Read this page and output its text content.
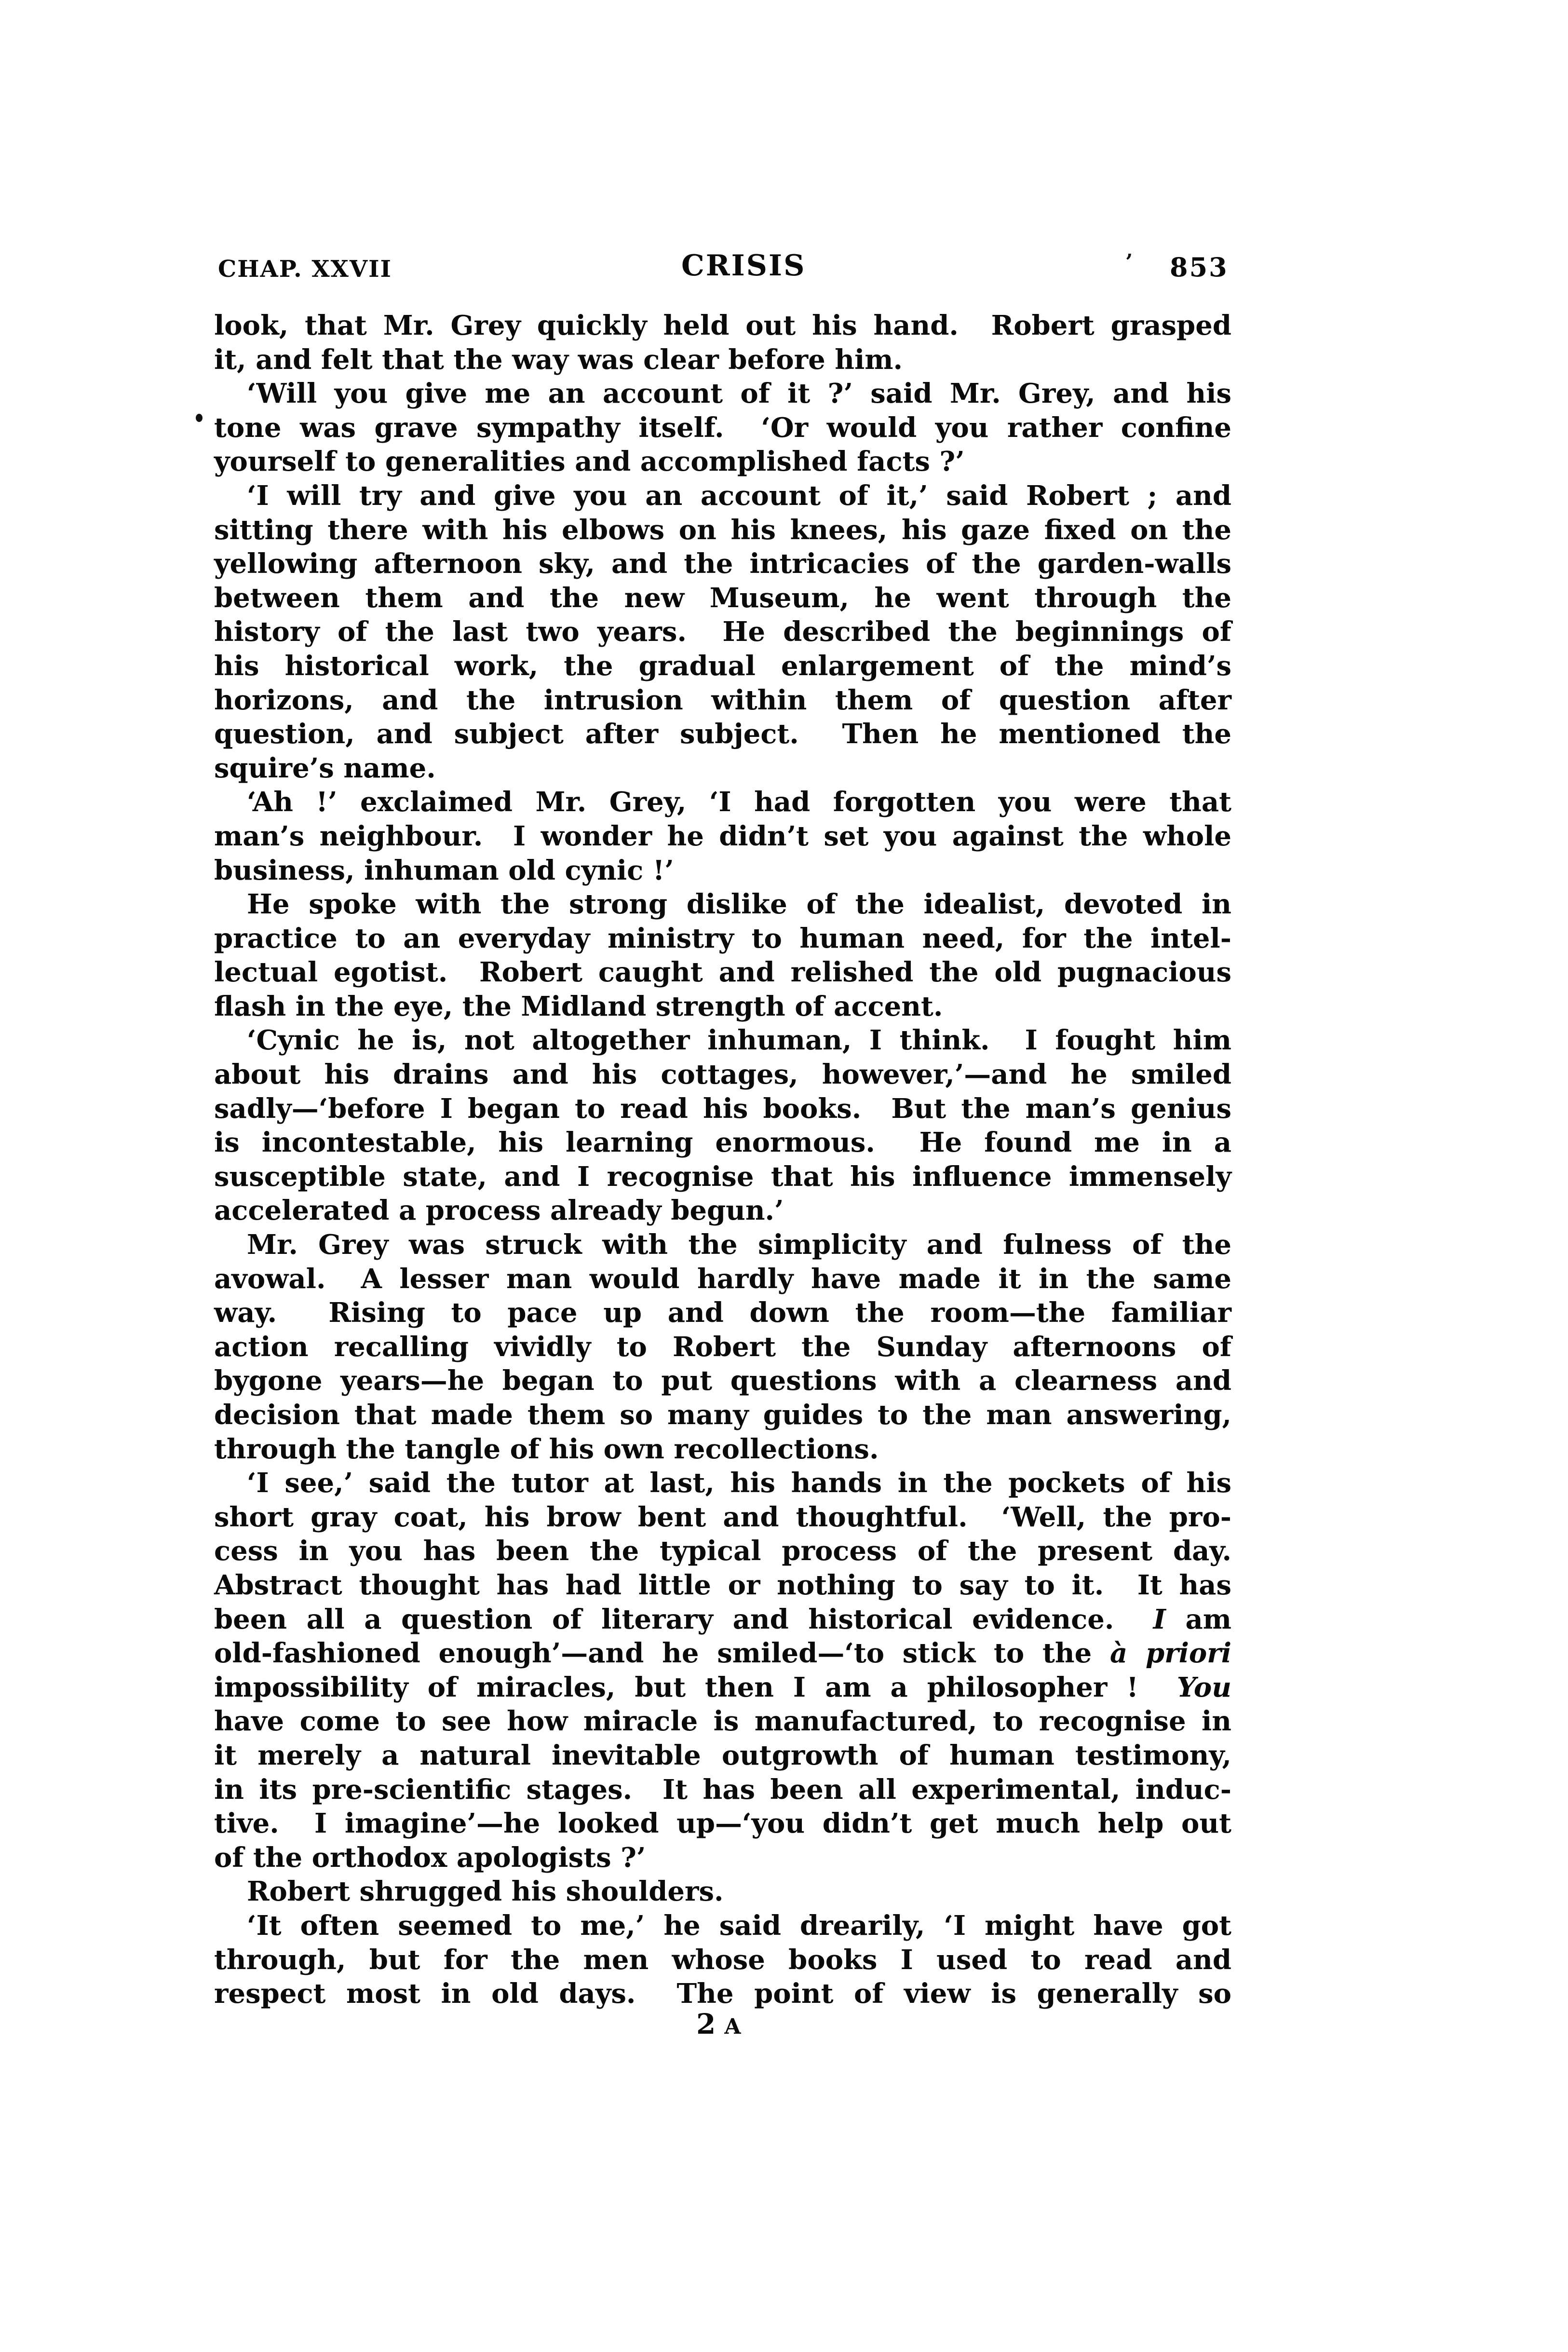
CHAP. XXVII	CRISIS	853
look, that Mr. Grey quickly held out his hand.  Robert grasped
it, and felt that the way was clear before him.
‘Will you give me an account of it ?’ said Mr. Grey, and his
tone was grave sympathy itself.  ‘Or would you rather confine
yourself to generalities and accomplished facts ?’
‘I will try and give you an account of it,’ said Robert ; and
sitting there with his elbows on his knees, his gaze fixed on the
yellowing afternoon sky, and the intricacies of the garden-walls
between them and the new Museum, he went through the
history of the last two years.  He described the beginnings of
his historical work, the gradual enlargement of the mind’s
horizons, and the intrusion within them of question after
question, and subject after subject.  Then he mentioned the
squire’s name.
‘Ah !’ exclaimed Mr. Grey, ‘I had forgotten you were that
man’s neighbour.  I wonder he didn’t set you against the whole
business, inhuman old cynic !’
He spoke with the strong dislike of the idealist, devoted in
practice to an everyday ministry to human need, for the intel-
lectual egotist.  Robert caught and relished the old pugnacious
flash in the eye, the Midland strength of accent.
‘Cynic he is, not altogether inhuman, I think.  I fought him
about his drains and his cottages, however,’—and he smiled
sadly—‘before I began to read his books.  But the man’s genius
is incontestable, his learning enormous.  He found me in a
susceptible state, and I recognise that his influence immensely
accelerated a process already begun.’
Mr. Grey was struck with the simplicity and fulness of the
avowal.  A lesser man would hardly have made it in the same
way.  Rising to pace up and down the room—the familiar
action recalling vividly to Robert the Sunday afternoons of
bygone years—he began to put questions with a clearness and
decision that made them so many guides to the man answering,
through the tangle of his own recollections.
‘I see,’ said the tutor at last, his hands in the pockets of his
short gray coat, his brow bent and thoughtful.  ‘Well, the pro-
cess in you has been the typical process of the present day.
Abstract thought has had little or nothing to say to it.  It has
been all a question of literary and historical evidence.  I am
old-fashioned enough’—and he smiled—‘to stick to the à priori
impossibility of miracles, but then I am a philosopher !  You
have come to see how miracle is manufactured, to recognise in
it merely a natural inevitable outgrowth of human testimony,
in its pre-scientific stages.  It has been all experimental, induc-
tive.  I imagine’—he looked up—‘you didn’t get much help out
of the orthodox apologists ?’
Robert shrugged his shoulders.
‘It often seemed to me,’ he said drearily, ‘I might have got
through, but for the men whose books I used to read and
respect most in old days.  The point of view is generally so
2 A
’
